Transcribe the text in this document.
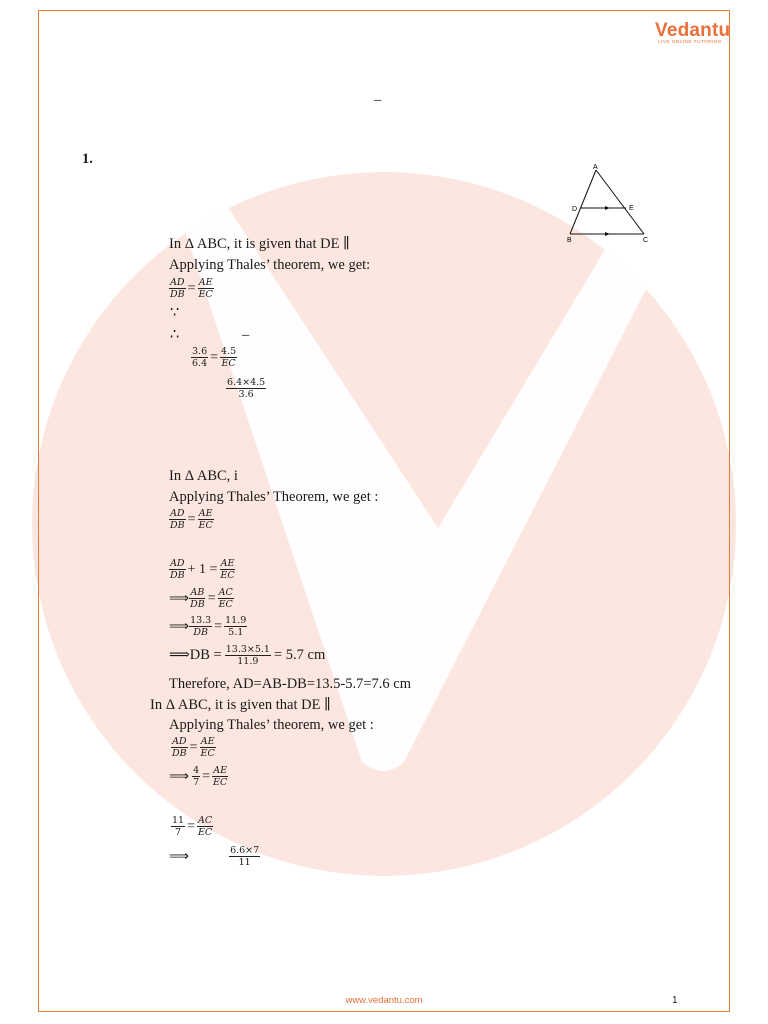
Vedantu
LIVE ONLINE TUTORING
–
1.
A
D	E
B	C
In Δ ABC, it is given that DE ∥
Applying Thales’ theorem, we get:
$\frac{AD}{DB} = \frac{AE}{EC}$
∵
∴	–
$\frac{3.6}{6.4} = \frac{4.5}{EC}$
$\frac{6.4\times 4.5}{3.6}$
In Δ ABC, i
Applying Thales’ Theorem, we get :
$\frac{AD}{DB} = \frac{AE}{EC}$
$\frac{AD}{DB} + 1 = \frac{AE}{EC}$
⟹ $\frac{AB}{DB} = \frac{AC}{EC}$
⟹ $\frac{13.3}{DB} = \frac{11.9}{5.1}$
⟹DB = $\frac{13.3\times 5.1}{11.9} = 5.7$ cm
Therefore, AD=AB-DB=13.5-5.7=7.6 cm
In Δ ABC, it is given that DE ∥
Applying Thales’ theorem, we get :
$\frac{AD}{DB} = \frac{AE}{EC}$
⟹ $\frac{4}{7} = \frac{AE}{EC}$
$\frac{11}{7} = \frac{AC}{EC}$
⟹	$\frac{6.6\times 7}{11}$
www.vedantu.com	1
